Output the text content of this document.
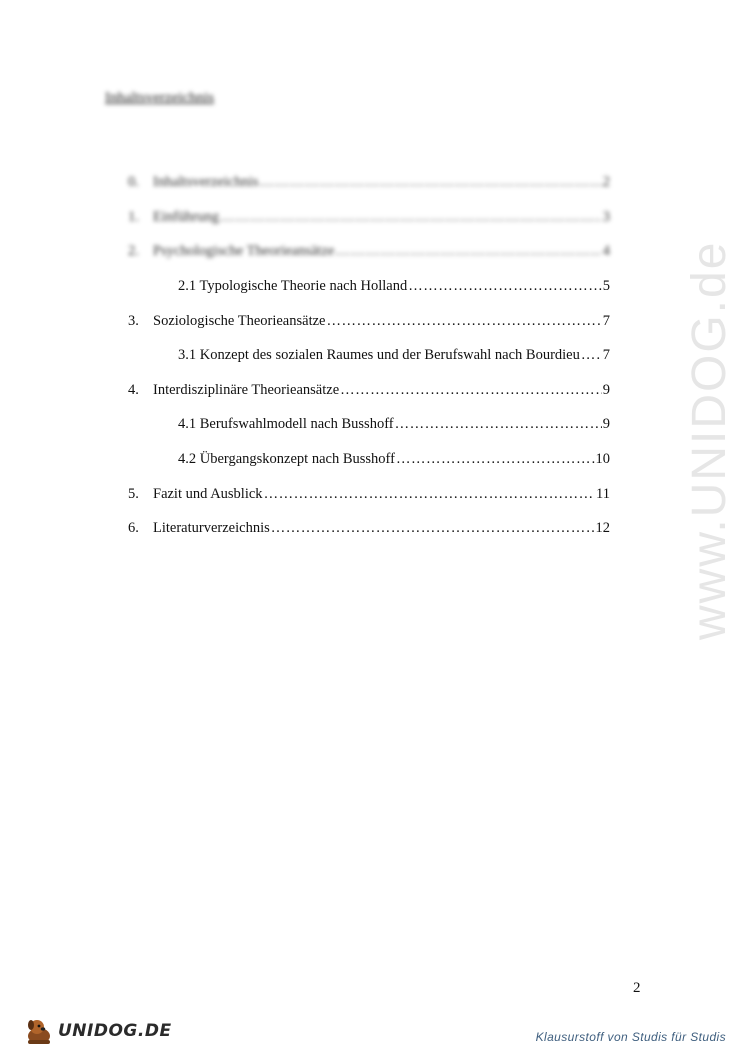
Inhaltsverzeichnis
0. Inhaltsverzeichnis ………………………………………………………………………………………………………………………………	2
1. Einführung ………………………………………………………………………………………………………………………………	3
2. Psychologische Theorieansätze ………………………………………………………………………………………………………………………………	4
2.1 Typologische Theorie nach Holland ………………………………………………………………………………………………………………………………	5
3. Soziologische Theorieansätze ………………………………………………………………………………………………………………………………	7
3.1 Konzept des sozialen Raumes und der Berufswahl nach Bourdieu ……………………………………………………………………………………………………………………………… 7
4. Interdisziplinäre Theorieansätze ………………………………………………………………………………………………………………………………	9
4.1 Berufswahlmodell nach Busshoff ………………………………………………………………………………………………………………………………	9
4.2 Übergangskonzept nach Busshoff ………………………………………………………………………………………………………………………………	10
5. Fazit und Ausblick ………………………………………………………………………………………………………………………………	11
6. Literaturverzeichnis ………………………………………………………………………………………………………………………………	12 www.UNIDOG.de
2
UNIDOG.DE	Klausurstoff von Studis für Studis
